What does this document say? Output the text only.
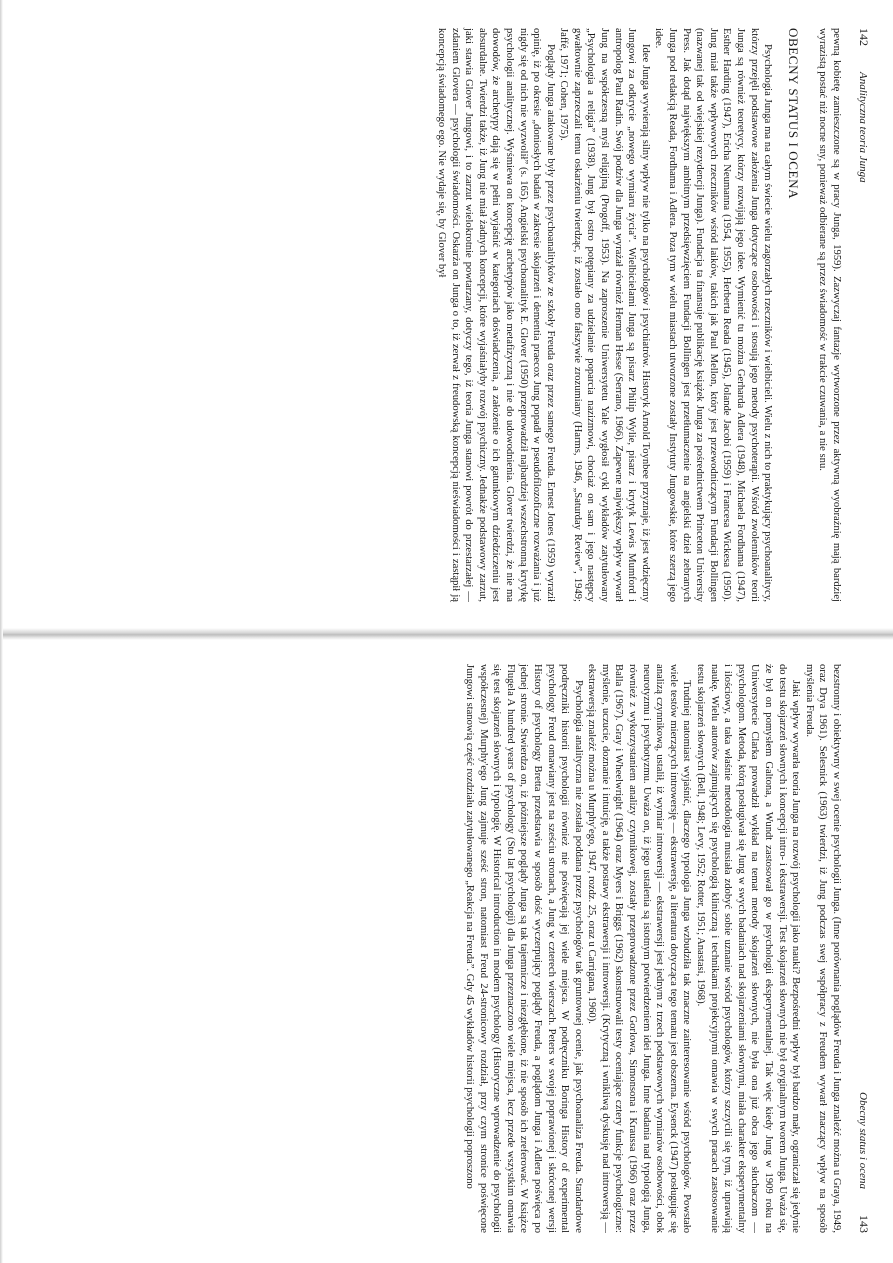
142
Analityczna teoria Junga

pewną kobietę zamieszczone są w pracy Junga, 1959). Zazwyczaj fantazje wytworzone przez aktywną wyobraźnię mają bardziej wyrazistą postać niż nocne sny, ponieważ odbierane są przez świadomość w trakcie czuwania, a nie snu.

OBECNY STATUS I OCENA

Psychologia Junga ma na całym świecie wielu zagorzałych rzeczników i wielbicieli. Wielu z nich to praktykujący psychoanalitycy, którzy przejęli podstawowe założenia Junga dotyczące osobowości i stosują jego metody psychoterapii. Wśród zwolenników teorii Junga są również teoretycy, którzy rozwijają jego idee. Wymienić tu można Gerharda Adlera (1948), Michaela Fordhama (1947), Esther Harding (1947), Ericha Neumanna (1954, 1955), Herberta Reada (1945), Jolande Jacobi (1959) i Francesa Wickesa (1950). Jung miał także wpływowych rzeczników wśród laików, takich jak Paul Mellon, który jest przewodniczącym Fundacji Bollingen (nazwanej tak od wiejskiej rezydencji Junga). Fundacja ta finansuje publikację książek Junga za pośrednictwem Princeton University Press. Jak dotąd największym ambitnym przedsięwzięciem Fundacji Bollingen jest przetłumaczenie na angielski dzieł zebranych Junga pod redakcją Reada, Fordhama i Adlera. Poza tym w wielu miastach utworzone zostały Instytuty Jungowskie, które szerzą jego idee.

Idee Junga wywierają silny wpływ nie tylko na psychologów i psychiatrów. Historyk Arnold Toynbee przyznaje, iż jest wdzięczny Jungowi za odkrycie „nowego wymiaru życia”. Wielbicielami Junga są pisarz Philip Wylie, pisarz i krytyk Lewis Mumford i antropolog Paul Radin. Swój podziw dla Junga wyrażał również Herman Hesse (Serrano, 1966). Zapewne największy wpływ wywarł Jung na współczesną myśl religijną (Progoff, 1953). Na zaproszenie Uniwersytetu Yale wygłosił cykl wykładów zatytułowany „Psychologia a religia” (1938). Jung był ostro potępiany za udzielanie poparcia nazizmowi, chociaż on sam i jego następcy gwałtownie zaprzeczali temu oskarżeniu twierdząc, iż zostało ono fałszywie zrozumiany (Harms, 1946, „Saturday Review”, 1949; Jaffé, 1971; Cohen, 1975).

Poglądy Junga atakowane były przez psychoanalityków ze szkoły Freuda oraz przez samego Freuda. Ernest Jones (1959) wyraził opinię, iż po okresie „doniosłych badań w zakresie skojarzeń i dementia praecox Jung popadł w pseudofilozoficzne rozważania i już nigdy się od nich nie wyzwolił” (s. 165). Angielski psychoanalityk E. Glover (1950) przeprowadził najbardziej wszechstronną krytykę psychologii analitycznej. Wyśmiewa on koncepcję archetypów jako metafizyczną i nie do udowodnienia. Glover twierdzi, że nie ma dowodów, że archetypy dają się w pełni wyjaśnić w kategoriach doświadczenia, a założenie o ich gatunkowym dziedziczeniu jest absurdalne. Twierdzi także, iż Jung nie miał żadnych koncepcji, które wyjaśniałyby rozwój psychiczny. Jednakże podstawowy zarzut, jaki stawia Glover Jungowi, i to zarzut wielokrotnie powtarzany, dotyczy tego, iż teoria Junga stanowi powrót do przestarzałej — zdaniem Glovera — psychologii świadomości. Oskarża on Junga o to, iż zerwał z freudowską koncepcją nieświadomości i zastąpił ją koncepcją świadomego ego. Nie wydaje się, by Glover był

Obecny status i ocena
143

bezstronny i obiektywny w swej ocenie psychologii Junga. (Inne porównania poglądów Freuda i Junga znaleźć można u Graya, 1949, oraz Drya 1961). Selesnick (1963) twierdzi, iż Jung podczas swej współpracy z Freudem wywarł znaczący wpływ na sposób myślenia Freuda.

Jaki wpływ wywarła teoria Junga na rozwój psychologii jako nauki? Bezpośredni wpływ był bardzo mały, ograniczał się jedynie do testu skojarzeń słownych i koncepcji intro- i ekstrawersji. Test skojarzeń słownych nie był oryginalnym tworem Junga. Uważa się, że był on pomysłem Galtona, a Wundt zastosował go w psychologii eksperymentalnej. Tak więc kiedy Jung w 1909 roku na Uniwersytecie Clarka prowadził wykład na temat metody skojarzeń słownych, nie była ona już obca jego słuchaczom — psychologom. Metoda, którą posługiwał się Jung w swych badaniach nad skojarzeniami słownymi, miała charakter eksperymentalny i ilościowy, a taka właśnie metodologia musiała zdobyć sobie uznanie wśród psychologów, którzy szczycili się tym, iż uprawiają naukę. Wielu autorów zajmujących się psychologią kliniczną i technikami projekcyjnymi omawia w swych pracach zastosowanie testu skojarzeń słownych (Bell, 1948; Levy, 1952; Rotter, 1951; Anastasi, 1968).

Trudniej natomiast wyjaśnić, dlaczego typologia Junga wzbudziła tak znaczne zainteresowanie wśród psychologów. Powstało wiele testów mierzących introwersję — ekstrawersję, a literatura dotycząca tego tematu jest obszerna. Eysenck (1947) posługując się analizą czynnikową, ustalił, iż wymiar introwersji — ekstrawersji jest jednym z trzech podstawowych wymiarów osobowości, obok neurotyzmu i psychotyzmu. Uważa on, iż jego ustalenia są istotnym potwierdzeniem idei Junga. Inne badania nad typologią Junga, również z wykorzystaniem analizy czynnikowej, zostały przeprowadzone przez Gorlowa, Simonsona i Kraussa (1966) oraz przez Balla (1967). Gray i Wheelwright (1964) oraz Myers i Briggs (1962) skonstruowali testy oceniające cztery funkcje psychologiczne: myślenie, uczucie, doznanie i intuicję, a także postawy ekstrawersji i introwersji. (Krytyczną i wnikliwą dyskusję nad introwersją — ekstrawersją znaleźć można u Murphy'ego, 1947, rozdz. 25, oraz u Carrigana, 1960).

Psychologia analityczna nie została poddana przez psychologów tak gruntownej ocenie, jak psychoanaliza Freuda. Standardowe podręczniki historii psychologii również nie poświęcają jej wiele miejsca. W podręczniku Boringa History of experimental psychology Freud omawiany jest na sześciu stronach, a Jung w czterech wierszach. Peters w swojej poprawionej i skróconej wersji History of psychology Bretta przedstawia w sposób dość wyczerpujący poglądy Freuda, a poglądom Junga i Adlera poświęca po jednej stronie. Stwierdza on, iż późniejsze poglądy Junga są tak tajemnicze i niezgłębione, iż nie sposób ich zreferować. W książce Flugela A hundred years of psychology (Sto lat psychologii) dla Junga przeznaczono wiele miejsca, lecz przede wszystkim omawia się test skojarzeń słownych i typologię. W Historical introduction in modern psychology (Historyczne wprowadzenie do psychologii współczesnej) Murphy'ego Jung zajmuje sześć stron, natomiast Freud 24-stronicowy rozdział, przy czym stronice poświęcone Jungowi stanowią część rozdziału zatytułowanego „Reakcja na Freuda”. Gdy 45 wykładów historii psychologii poproszono
